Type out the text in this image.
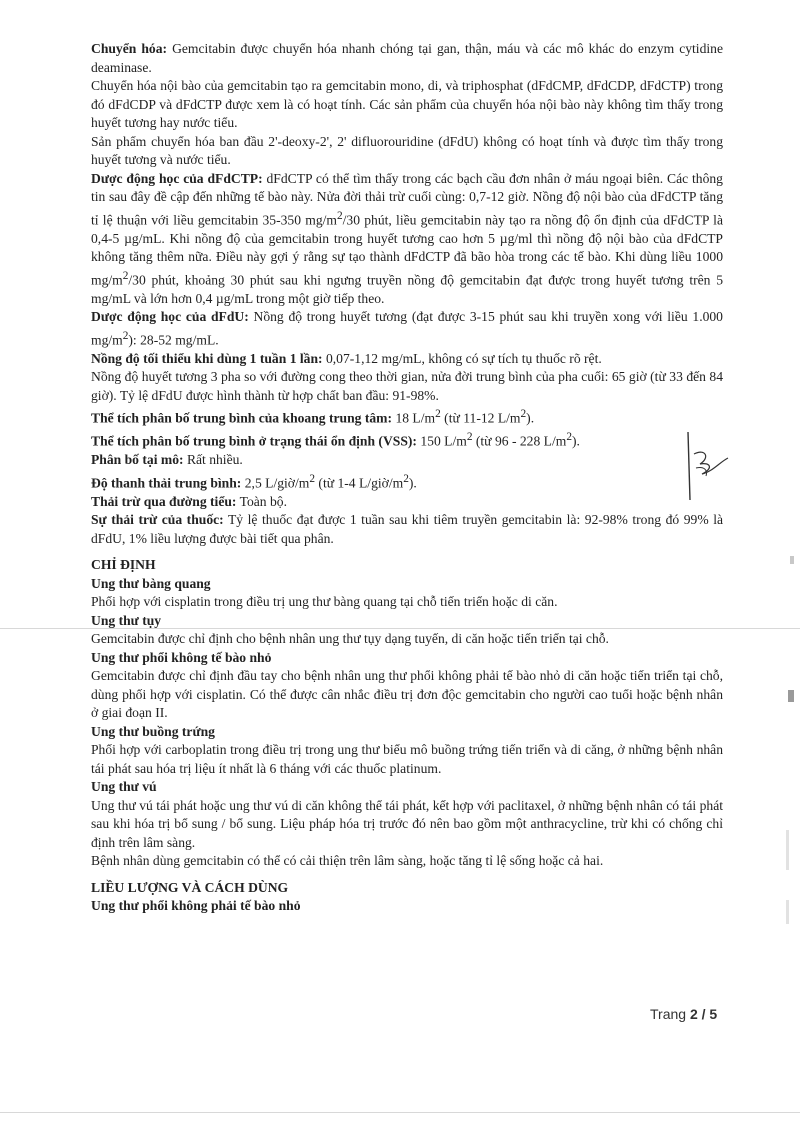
Chuyển hóa: Gemcitabin được chuyển hóa nhanh chóng tại gan, thận, máu và các mô khác do enzym cytidine deaminase.

Chuyển hóa nội bào của gemcitabin tạo ra gemcitabin mono, di, và triphosphat (dFdCMP, dFdCDP, dFdCTP) trong đó dFdCDP và dFdCTP được xem là có hoạt tính. Các sản phẩm của chuyển hóa nội bào này không tìm thấy trong huyết tương hay nước tiểu.

Sản phẩm chuyển hóa ban đầu 2'-deoxy-2', 2' difluorouridine (dFdU) không có hoạt tính và được tìm thấy trong huyết tương và nước tiểu.

Dược động học của dFdCTP: dFdCTP có thể tìm thấy trong các bạch cầu đơn nhân ở máu ngoại biên. Các thông tin sau đây đề cập đến những tế bào này. Nửa đời thải trừ cuối cùng: 0,7-12 giờ. Nồng độ nội bào của dFdCTP tăng tỉ lệ thuận với liều gemcitabin 35-350 $mg/m^2/30$ phút, liều gemcitabin này tạo ra nồng độ ổn định của dFdCTP là 0,4-5 µg/mL. Khi nồng độ của gemcitabin trong huyết tương cao hơn 5 µg/ml thì nồng độ nội bào của dFdCTP không tăng thêm nữa. Điều này gợi ý rằng sự tạo thành dFdCTP đã bão hòa trong các tế bào. Khi dùng liều 1000 $mg/m^2/30$ phút, khoảng 30 phút sau khi ngưng truyền nồng độ gemcitabin đạt được trong huyết tương trên 5 mg/mL và lớn hơn 0,4 µg/mL trong một giờ tiếp theo.

Dược động học của dFdU: Nồng độ trong huyết tương (đạt được 3-15 phút sau khi truyền xong với liều 1.000 $mg/m^2$): 28-52 mg/mL.

Nồng độ tối thiểu khi dùng 1 tuần 1 lần: 0,07-1,12 mg/mL, không có sự tích tụ thuốc rõ rệt.

Nồng độ huyết tương 3 pha so với đường cong theo thời gian, nửa đời trung bình của pha cuối: 65 giờ (từ 33 đến 84 giờ). Tỷ lệ dFdU được hình thành từ hợp chất ban đầu: 91-98%.

Thể tích phân bố trung bình của khoang trung tâm: 18 $L/m^2$ (từ 11-12 $L/m^2$).

Thể tích phân bố trung bình ở trạng thái ổn định (VSS): 150 $L/m^2$ (từ 96 - 228 $L/m^2$).

Phân bố tại mô: Rất nhiều.

Độ thanh thải trung bình: 2,5 $L/giờ/m^2$ (từ 1-4 $L/giờ/m^2$).

Thải trừ qua đường tiểu: Toàn bộ.

Sự thải trừ của thuốc: Tỷ lệ thuốc đạt được 1 tuần sau khi tiêm truyền gemcitabin là: 92-98% trong đó 99% là dFdU, 1% liều lượng được bài tiết qua phân.

CHỈ ĐỊNH

Ung thư bàng quang

Phối hợp với cisplatin trong điều trị ung thư bàng quang tại chỗ tiến triển hoặc di căn.

Ung thư tụy

Gemcitabin được chỉ định cho bệnh nhân ung thư tụy dạng tuyến, di căn hoặc tiến triển tại chỗ.

Ung thư phổi không tế bào nhỏ

Gemcitabin được chỉ định đầu tay cho bệnh nhân ung thư phổi không phải tế bào nhỏ di căn hoặc tiến triển tại chỗ, dùng phối hợp với cisplatin. Có thể được cân nhắc điều trị đơn độc gemcitabin cho người cao tuổi hoặc bệnh nhân ở giai đoạn II.

Ung thư buồng trứng

Phối hợp với carboplatin trong điều trị trong ung thư biểu mô buồng trứng tiến triển và di căng, ở những bệnh nhân tái phát sau hóa trị liệu ít nhất là 6 tháng với các thuốc platinum.

Ung thư vú

Ung thư vú tái phát hoặc ung thư vú di căn không thể tái phát, kết hợp với paclitaxel, ở những bệnh nhân có tái phát sau khi hóa trị bổ sung / bổ sung. Liệu pháp hóa trị trước đó nên bao gồm một anthracycline, trừ khi có chống chỉ định trên lâm sàng.

Bệnh nhân dùng gemcitabin có thể có cải thiện trên lâm sàng, hoặc tăng tỉ lệ sống hoặc cả hai.

LIỀU LƯỢNG VÀ CÁCH DÙNG

Ung thư phổi không phải tế bào nhỏ

Trang 2 / 5
